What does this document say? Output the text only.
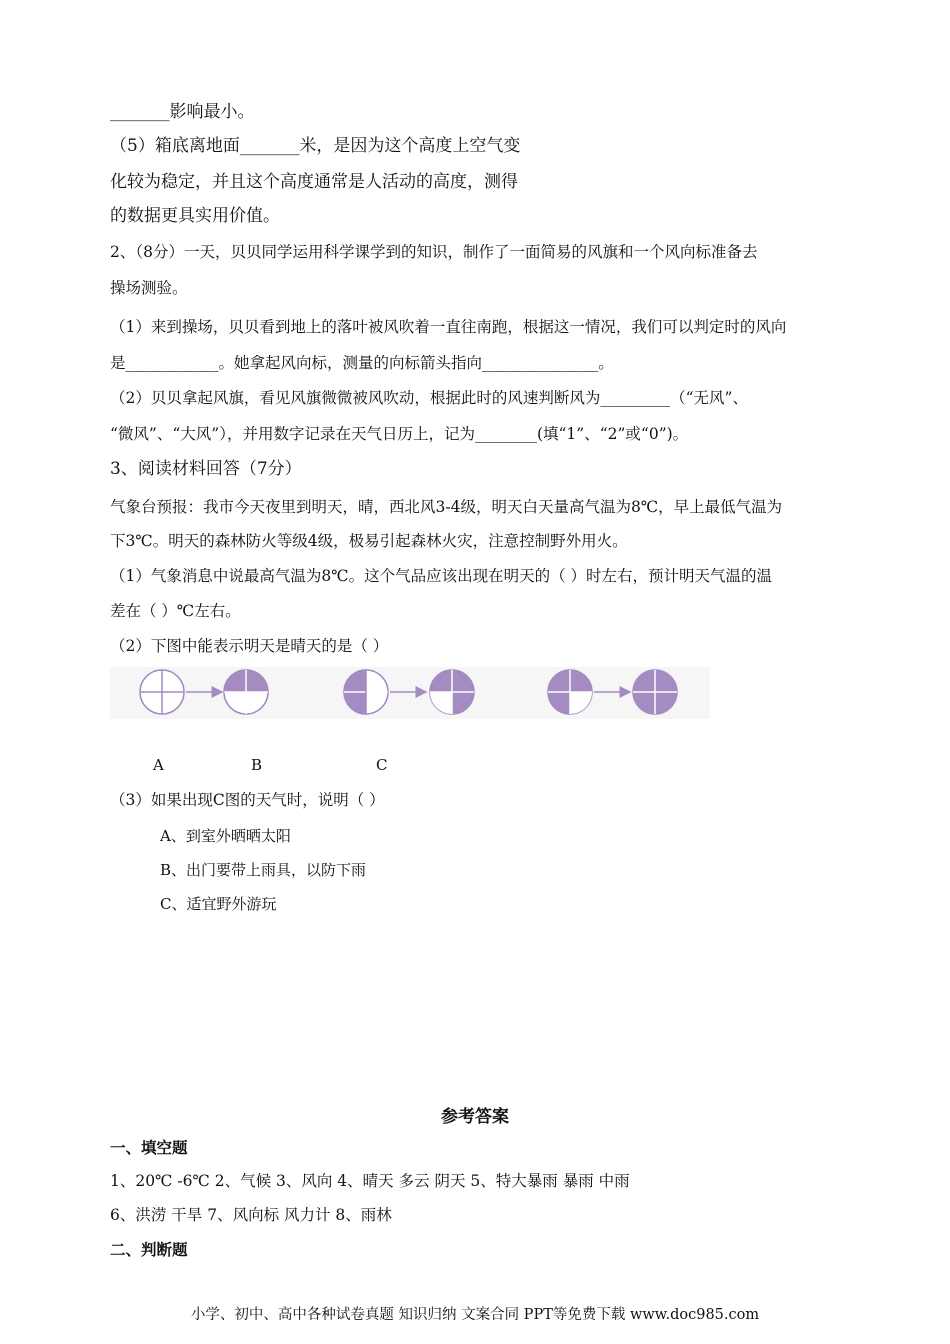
_______影响最小。
（5）箱底离地面_______米，是因为这个高度上空气变
化较为稳定，并且这个高度通常是人活动的高度，测得
的数据更具实用价值。
2、（8分）一天，贝贝同学运用科学课学到的知识，制作了一面简易的风旗和一个风向标准备去
操场测验。
（1）来到操场，贝贝看到地上的落叶被风吹着一直往南跑，根据这一情况，我们可以判定时的风向
是____________。她拿起风向标，测量的向标箭头指向_______________。
（2）贝贝拿起风旗，看见风旗微微被风吹动，根据此时的风速判断风为_________（“无风”、
“微风”、“大风”），并用数字记录在天气日历上，记为________(填“1”、“2”或“0”)。
3、阅读材料回答（7分）
气象台预报：我市今天夜里到明天，晴，西北风3-4级，明天白天量高气温为8℃，早上最低气温为
下3℃。明天的森林防火等级4级，极易引起森林火灾，注意控制野外用火。
（1）气象消息中说最高气温为8℃。这个气品应该出现在明天的（ ）时左右，预计明天气温的温
差在（ ）℃左右。
（2）下图中能表示明天是晴天的是（ ）
A	B	C
（3）如果出现C图的天气时，说明（ ）
A、到室外晒晒太阳
B、出门要带上雨具，以防下雨
C、适宜野外游玩
参考答案
一、填空题
1、20℃ -6℃ 2、气候 3、风向 4、晴天 多云 阴天 5、特大暴雨 暴雨 中雨
6、洪涝 干旱 7、风向标 风力计 8、雨林
二、判断题
小学、初中、高中各种试卷真题 知识归纳 文案合同 PPT等免费下载 www.doc985.com
